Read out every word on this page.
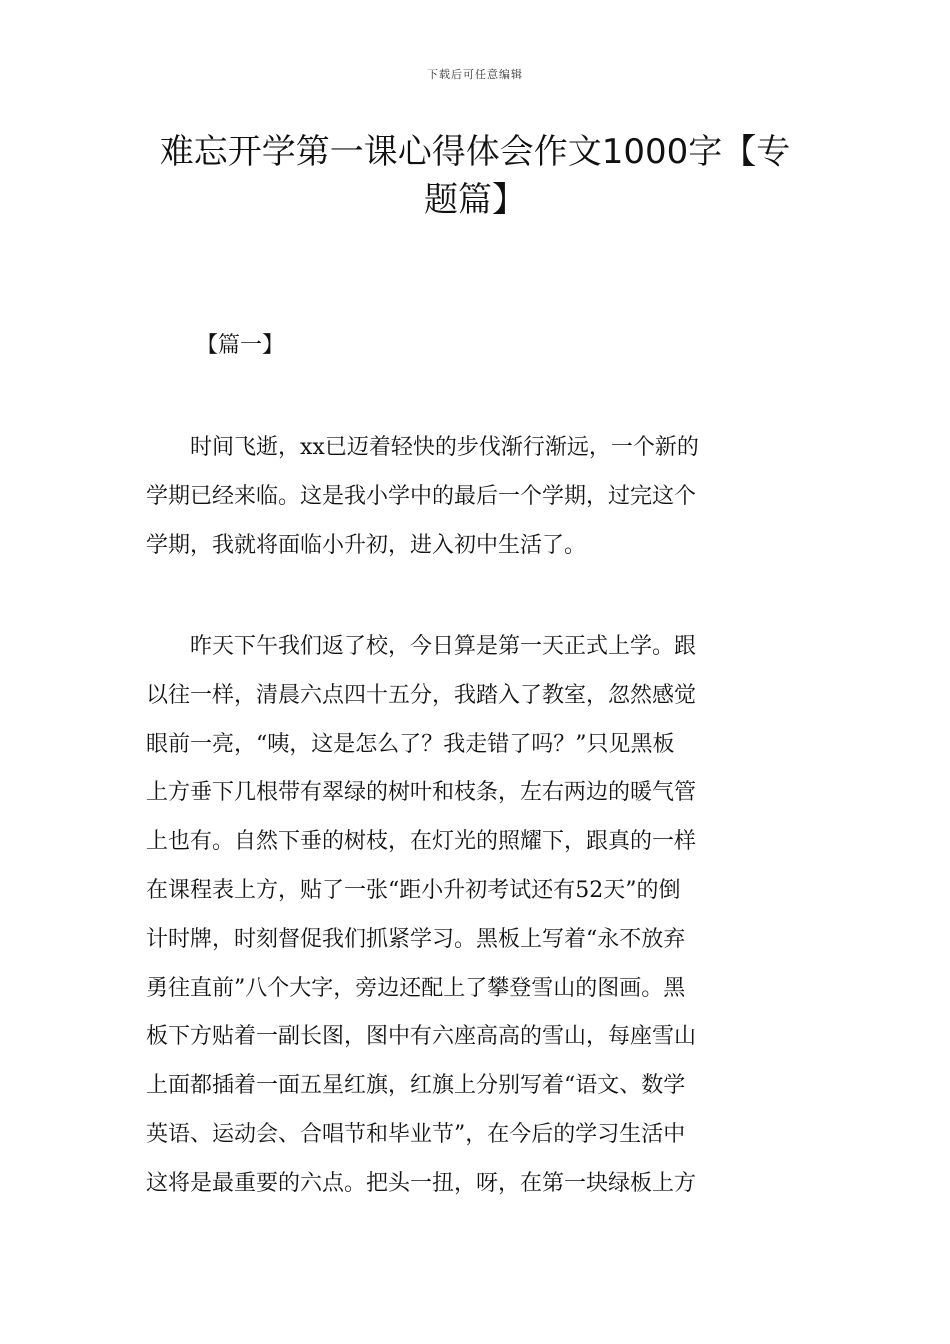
下载后可任意编辑
难忘开学第一课心得体会作文1000字【专
题篇】
【篇一】
　　时间飞逝，xx已迈着轻快的步伐渐行渐远，一个新的
学期已经来临。这是我小学中的最后一个学期，过完这个
学期，我就将面临小升初，进入初中生活了。
　　昨天下午我们返了校，今日算是第一天正式上学。跟
以往一样，清晨六点四十五分，我踏入了教室，忽然感觉
眼前一亮，“咦，这是怎么了？我走错了吗？”只见黑板
上方垂下几根带有翠绿的树叶和枝条，左右两边的暖气管
上也有。自然下垂的树枝，在灯光的照耀下，跟真的一样
在课程表上方，贴了一张“距小升初考试还有52天”的倒
计时牌，时刻督促我们抓紧学习。黑板上写着“永不放弃
勇往直前”八个大字，旁边还配上了攀登雪山的图画。黑
板下方贴着一副长图，图中有六座高高的雪山，每座雪山
上面都插着一面五星红旗，红旗上分别写着“语文、数学
英语、运动会、合唱节和毕业节”，在今后的学习生活中
这将是最重要的六点。把头一扭，呀，在第一块绿板上方
